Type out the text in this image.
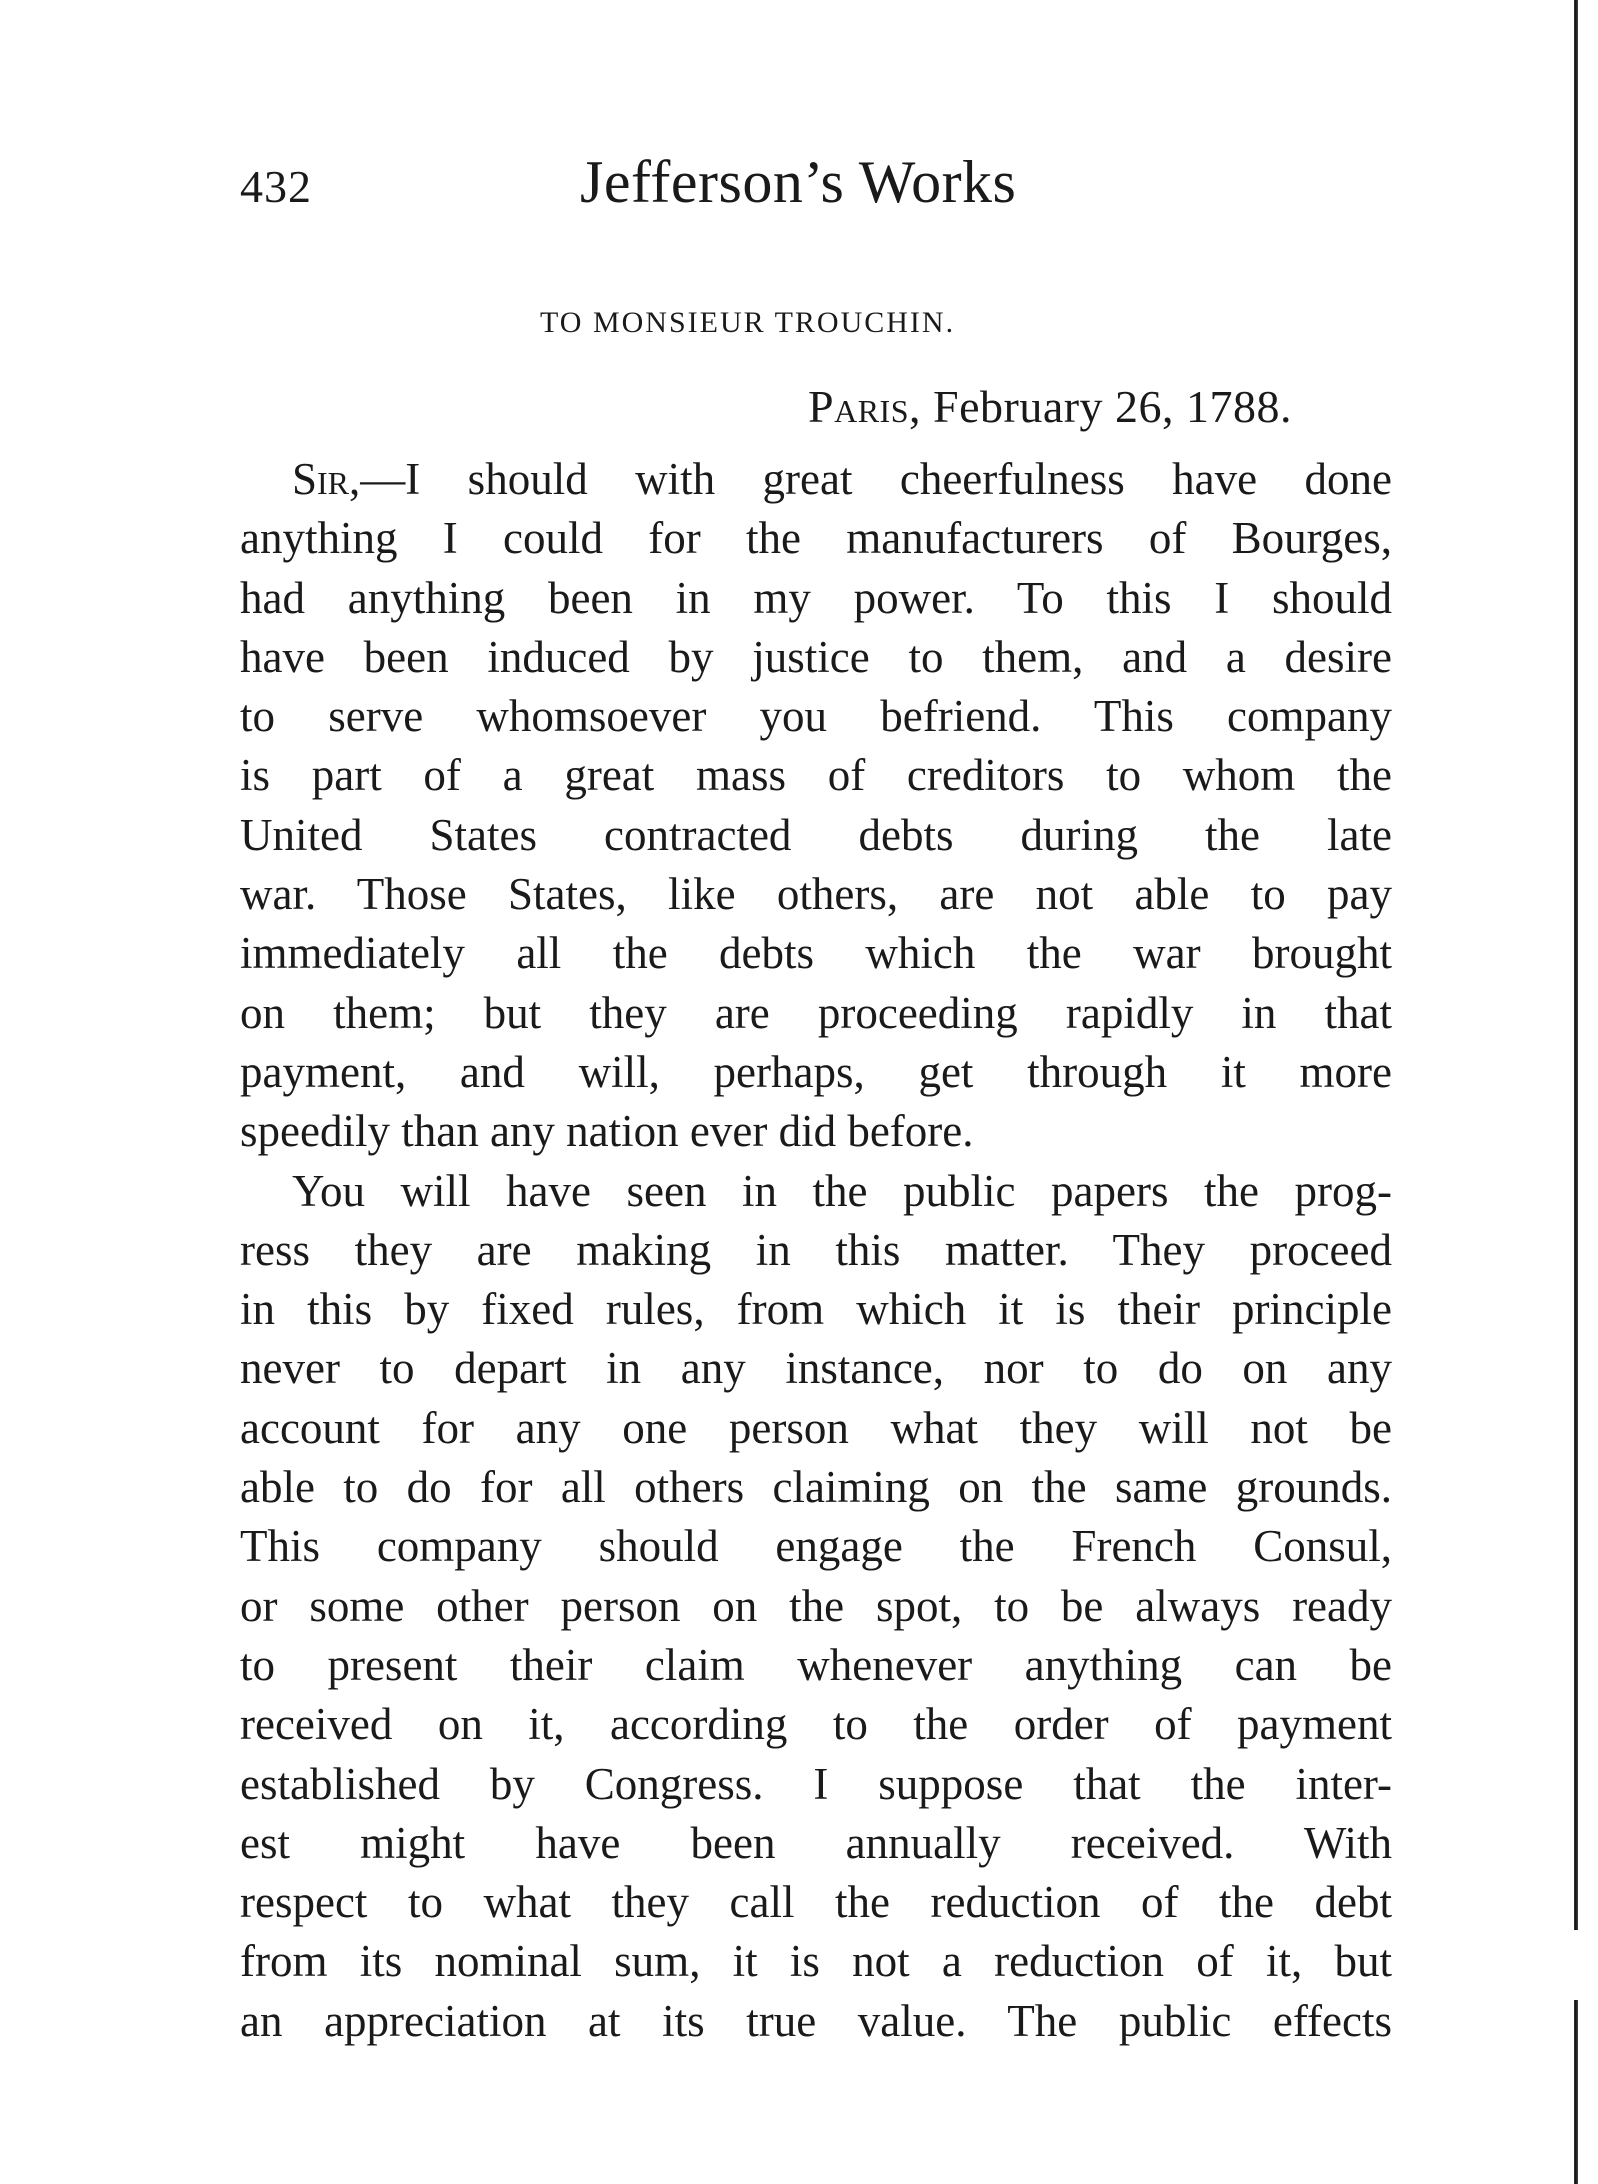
432	Jefferson’s Works
TO MONSIEUR TROUCHIN.
Paris, February 26, 1788.
Sir,—I should with great cheerfulness have done
anything I could for the manufacturers of Bourges,
had anything been in my power. To this I should
have been induced by justice to them, and a desire
to serve whomsoever you befriend. This company
is part of a great mass of creditors to whom the
United States contracted debts during the late
war. Those States, like others, are not able to pay
immediately all the debts which the war brought
on them; but they are proceeding rapidly in that
payment, and will, perhaps, get through it more
speedily than any nation ever did before.
You will have seen in the public papers the prog-
ress they are making in this matter. They proceed
in this by fixed rules, from which it is their principle
never to depart in any instance, nor to do on any
account for any one person what they will not be
able to do for all others claiming on the same grounds.
This company should engage the French Consul,
or some other person on the spot, to be always ready
to present their claim whenever anything can be
received on it, according to the order of payment
established by Congress. I suppose that the inter-
est might have been annually received. With
respect to what they call the reduction of the debt
from its nominal sum, it is not a reduction of it, but
an appreciation at its true value. The public effects
